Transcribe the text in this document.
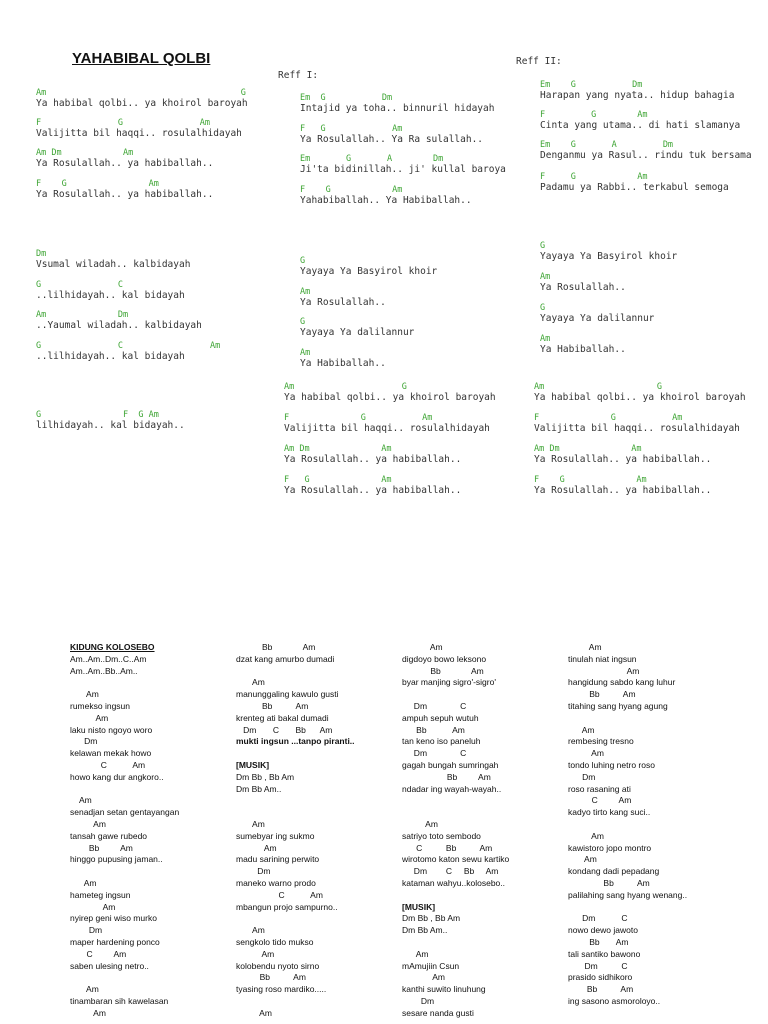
YAHABIBAL QOLBI
Reff I:
Reff II:
Am                                      G
Ya habibal qolbi.. ya khoirol baroyah
F               G               Am
Valijitta bil haqqi.. rosulalhidayah
Am Dm            Am
Ya Rosulallah.. ya habiballah..
F    G                Am
Ya Rosulallah.. ya habiballah..
Em  G           Dm
Intajid ya toha.. binnuril hidayah
F   G             Am
Ya Rosulallah.. Ya Ra sulallah..
Em       G       A        Dm
Ji'ta bidinillah.. ji' kullal baroya
F    G            Am
Yahabiballah.. Ya Habiballah..
Em    G           Dm
Harapan yang nyata.. hidup bahagia
F         G        Am
Cinta yang utama.. di hati slamanya
Em    G       A         Dm
Denganmu ya Rasul.. rindu tuk bersama
F     G            Am
Padamu ya Rabbi.. terkabul semoga
Dm
Vsumal wiladah.. kalbidayah
G               C
..lilhidayah.. kal bidayah
Am              Dm
..Yaumal wiladah.. kalbidayah
G               C                 Am
..lilhidayah.. kal bidayah
G                F  G Am
lilhidayah.. kal bidayah..
G
Yayaya Ya Basyirol khoir
Am
Ya Rosulallah..
G
Yayaya Ya dalilannur
Am
Ya Habiballah..
G
Yayaya Ya Basyirol khoir
Am
Ya Rosulallah..
G
Yayaya Ya dalilannur
Am
Ya Habiballah..
Am                     G
Ya habibal qolbi.. ya khoirol baroyah
F              G           Am
Valijitta bil haqqi.. rosulalhidayah
Am Dm              Am
Ya Rosulallah.. ya habiballah..
F   G              Am
Ya Rosulallah.. ya habiballah..
Am                      G
Ya habibal qolbi.. ya khoirol baroyah
F              G           Am
Valijitta bil haqqi.. rosulalhidayah
Am Dm              Am
Ya Rosulallah.. ya habiballah..
F    G              Am
Ya Rosulallah.. ya habiballah..
KIDUNG KOLOSEBO
Am..Am..Dm..C..Am
Am..Am..Bb..Am..
Am
rumekso ingsun
Am
laku nisto ngoyo woro
Dm
kelawan mekak howo
C           Am
howo kang dur angkoro..
Am
senadjan setan gentayangan
Am
tansah gawe rubedo
Bb         Am
hinggo pupusing jaman..
Am
hameteg ingsun
Am
nyirep geni wiso murko
Dm
maper hardening ponco
C         Am
saben ulesing netro..
Am
tinambaran sih kawelasan
Am
Bb             Am
dzat kang amurbo dumadi
Am
manunggaling kawulo gusti
Bb          Am
krenteg ati bakal dumadi
Dm       C       Bb      Am
mukti ingsun ...tanpo piranti..
[MUSIK]
Dm Bb , Bb Am
Dm Bb Am..
Am
sumebyar ing sukmo
Am
madu sarining perwito
Dm
maneko warno prodo
C           Am
mbangun projo sampurno..
Am
sengkolo tido mukso
Am
kolobendu nyoto sirno
Bb          Am
tyasing roso mardiko.....
Am
Am
digdoyo bowo leksono
Bb             Am
byar manjing sigro'-sigro'
Dm              C
ampuh sepuh wutuh
Bb           Am
tan keno iso paneluh
Dm              C
gagah bungah sumringah
Bb         Am
ndadar ing wayah-wayah..
Am
satriyo toto sembodo
C          Bb          Am
wirotomo katon sewu kartiko
Dm        C     Bb     Am
kataman wahyu..kolosebo..
[MUSIK]
Dm Bb , Bb Am
Dm Bb Am..
Am
mAmujiin Csun
Am
kanthi suwito linuhung
Dm
sesare nanda gusti
Am
tinulah niat ingsun
Am
hangidung sabdo kang luhur
Bb          Am
titahing sang hyang agung
Am
rembesing tresno
Am
tondo luhing netro roso
Dm
roso rasaning ati
C         Am
kadyo tirto kang suci..
Am
kawistoro jopo montro
Am
kondang dadi pepadang
Bb          Am
palilahing sang hyang wenang..
Dm           C
nowo dewo jawoto
Bb       Am
tali santiko bawono
Dm          C
prasido sidhikoro
Bb          Am
ing sasono asmoroloyo..
